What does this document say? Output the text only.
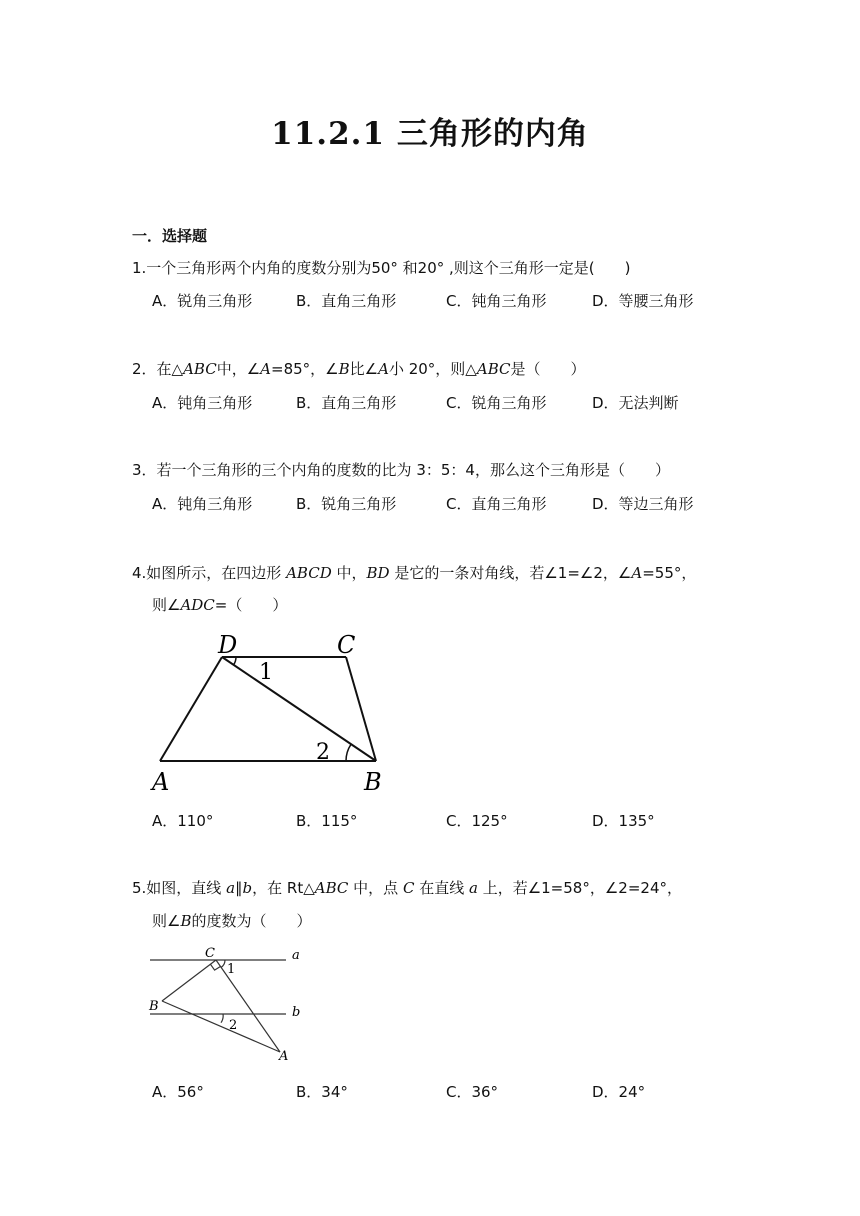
11.2.1 三角形的内角
一．选择题
1.一个三角形两个内角的度数分别为50° 和20° ,则这个三角形一定是(　　)
A．锐角三角形	B．直角三角形	C．钝角三角形	D．等腰三角形
2．在△ABC中，∠A=85°，∠B比∠A小 20°，则△ABC是（　　）
A．钝角三角形	B．直角三角形	C．锐角三角形	D．无法判断
3．若一个三角形的三个内角的度数的比为 3：5：4，那么这个三角形是（　　）
A．钝角三角形	B．锐角三角形	C．直角三角形	D．等边三角形
4.如图所示，在四边形 ABCD 中，BD 是它的一条对角线，若∠1=∠2，∠A=55°，
则∠ADC=（　　）
D	C
A	B
1
2
A．110°	B．115°	C．125°	D．135°
5.如图，直线 a∥b，在 Rt△ABC 中，点 C 在直线 a 上，若∠1=58°，∠2=24°，
则∠B的度数为（　　）
C	a
1
B	b
2
A
A．56°	B．34°	C．36°	D．24°
